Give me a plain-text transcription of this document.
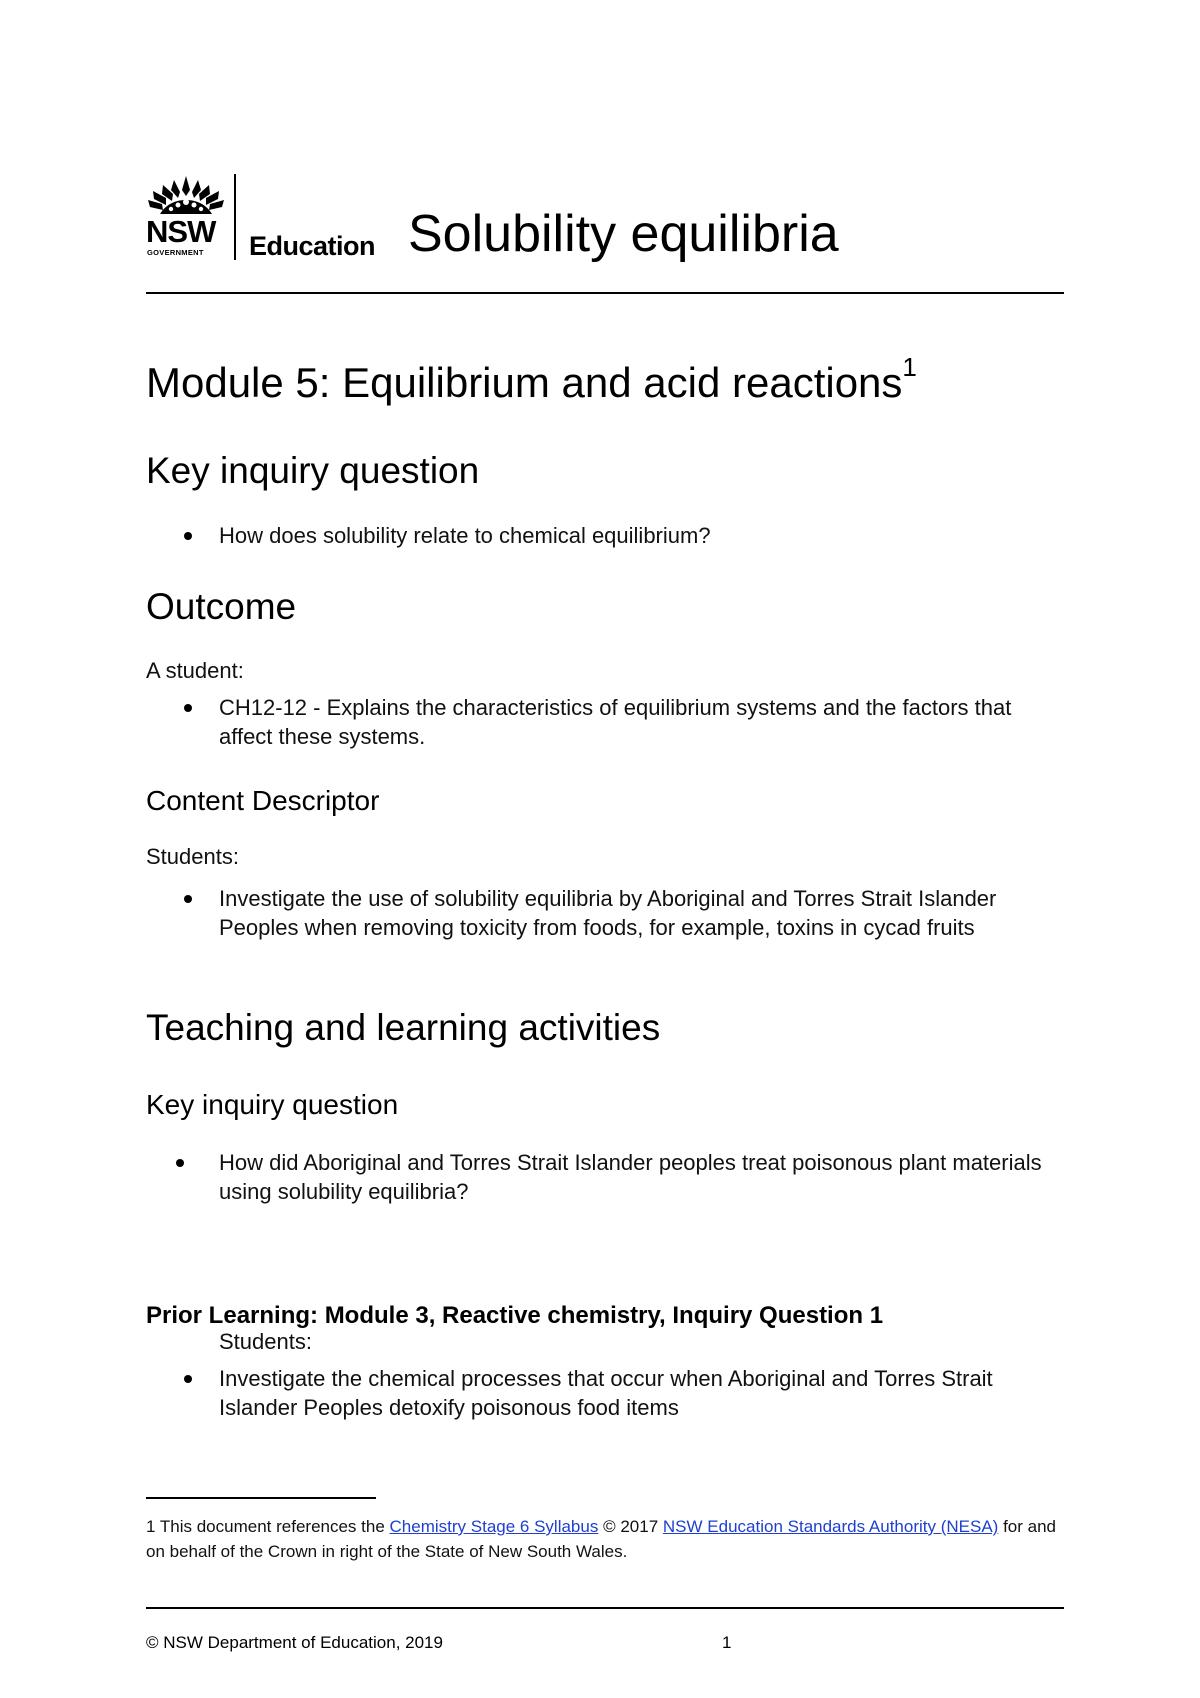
NSW
GOVERNMENT Education Solubility equilibria
Module 5: Equilibrium and acid reactions$^1$
Key inquiry question
How does solubility relate to chemical equilibrium?
Outcome

A student:

CH12-12 - Explains the characteristics of equilibrium systems and the factors that affect these systems.
Content Descriptor

Students:

Investigate the use of solubility equilibria by Aboriginal and Torres Strait Islander Peoples when removing toxicity from foods, for example, toxins in cycad fruits
Teaching and learning activities
Key inquiry question
How did Aboriginal and Torres Strait Islander peoples treat poisonous plant materials using solubility equilibria?
Prior Learning: Module 3, Reactive chemistry, Inquiry Question 1

Students:

Investigate the chemical processes that occur when Aboriginal and Torres Strait Islander Peoples detoxify poisonous food items
1 This document references the Chemistry Stage 6 Syllabus © 2017 NSW Education Standards Authority (NESA) for and on behalf of the Crown in right of the State of New South Wales.
© NSW Department of Education, 2019	1
